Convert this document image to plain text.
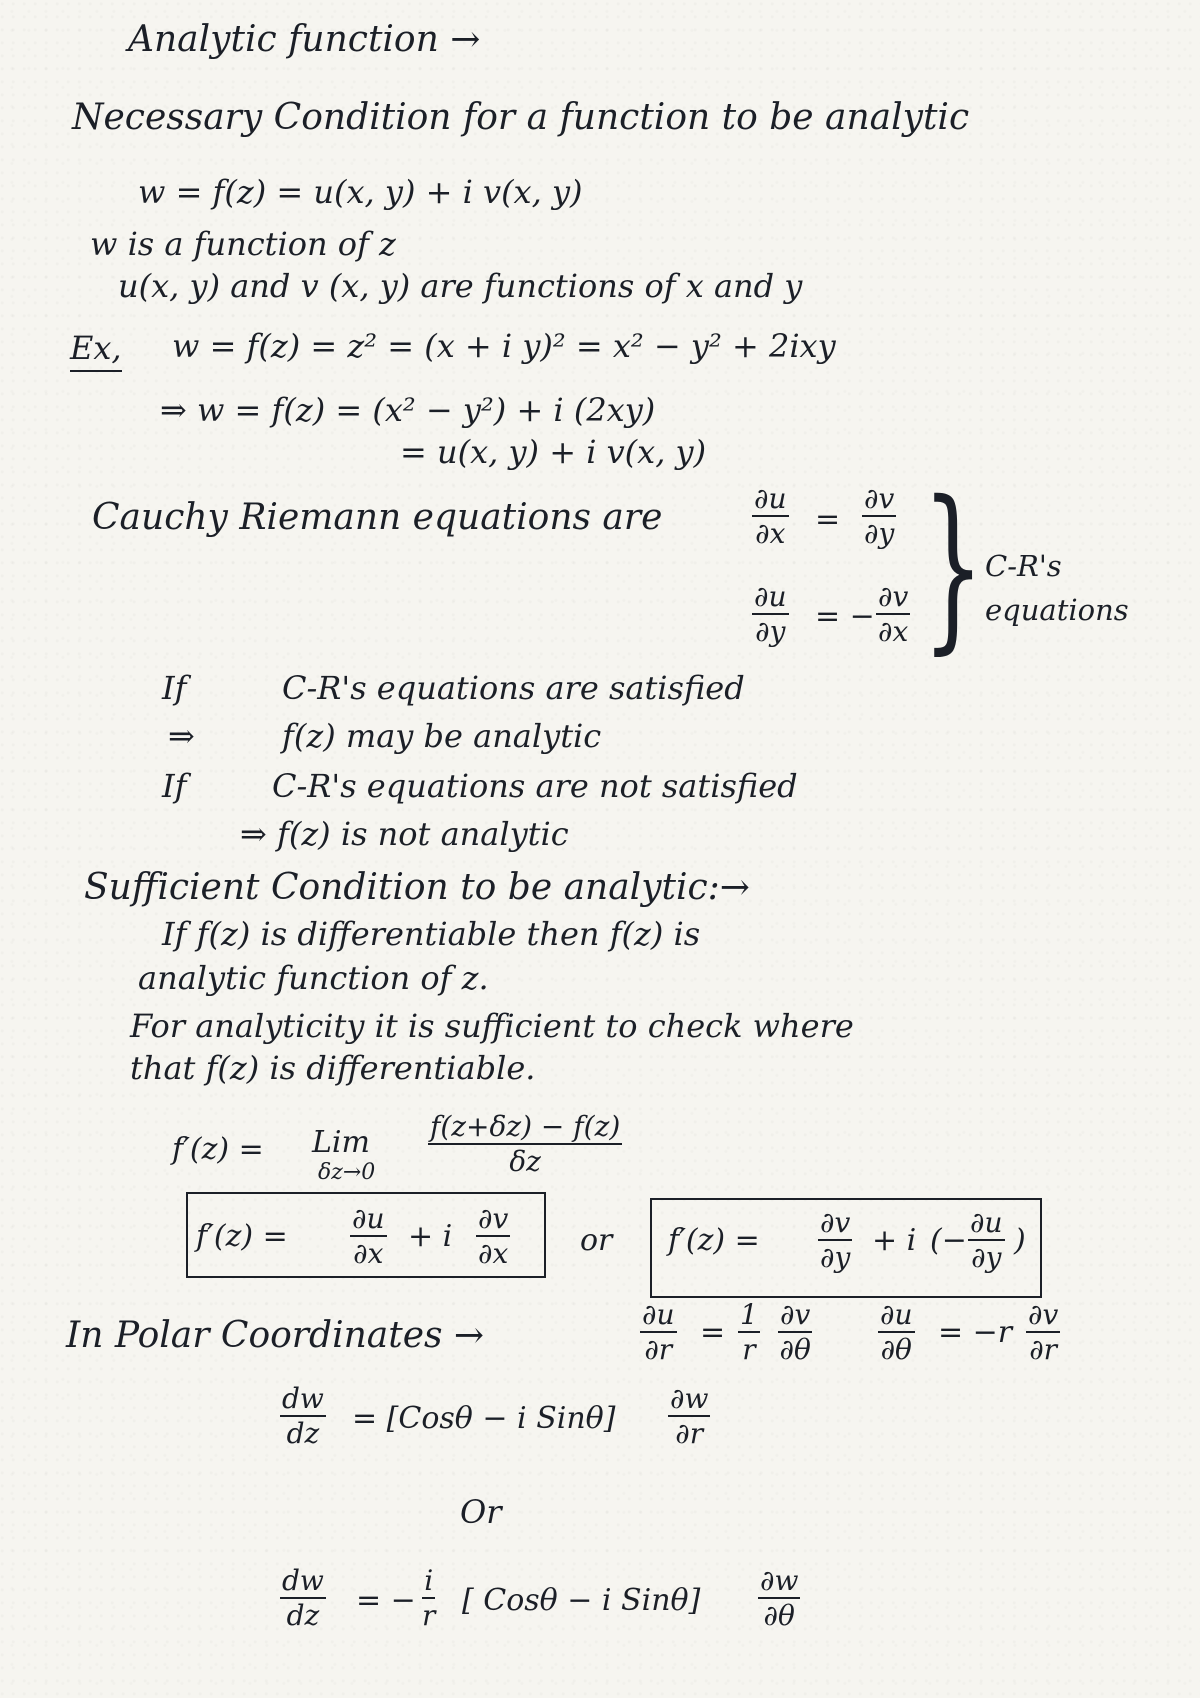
Analytic function →
Necessary Condition for a function to be analytic
w = f(z) = u(x, y) + i v(x, y)
w is a function of z
u(x, y) and v (x, y) are functions of x and y
Ex, w = f(z) = z² = (x + i y)² = x² − y² + 2ixy
⇒ w = f(z) = (x² − y²) + i (2xy)
= u(x, y) + i v(x, y)
Cauchy Riemann equations are	$\frac{\partial u}{\partial x} = \frac{\partial v}{\partial y}$
$\frac{\partial u}{\partial y}$ = − $\frac{\partial v}{\partial x}$ } C-R's
equations
If	C-R's equations are satisfied
⇒	f(z) may be analytic
If	C-R's equations are not satisfied
⇒ f(z) is not analytic
Sufficient Condition to be analytic:→
If f(z) is differentiable then f(z) is
analytic function of z.
For analyticity it is sufficient to check where
that f(z) is differentiable.
f′(z) = Lim
$\delta z\to 0 \frac{f(z+\delta z) - f(z)}{\delta z}$
$f'(z) = \frac{\partial u}{\partial x} + i \frac{\partial v}{\partial x}$ or $f'(z) = \frac{\partial v}{\partial y} + i$ (− $\frac{\partial u}{\partial y}$ )
In Polar Coordinates →	$\frac{\partial u}{\partial r} = \frac{1}{r} \frac{\partial v}{\partial\theta} \frac{\partial u}{\partial\theta} = -r \frac{\partial v}{\partial r}$
$\frac{dw}{dz} = [Cos\theta - i$ $Sin\theta] \frac{\partial w}{\partial r}$
Or
$\frac{dw}{dz}$ = − $\frac{i}{r}$ [ Cosθ − i $Sin\theta] \frac{\partial w}{\partial\theta}$
